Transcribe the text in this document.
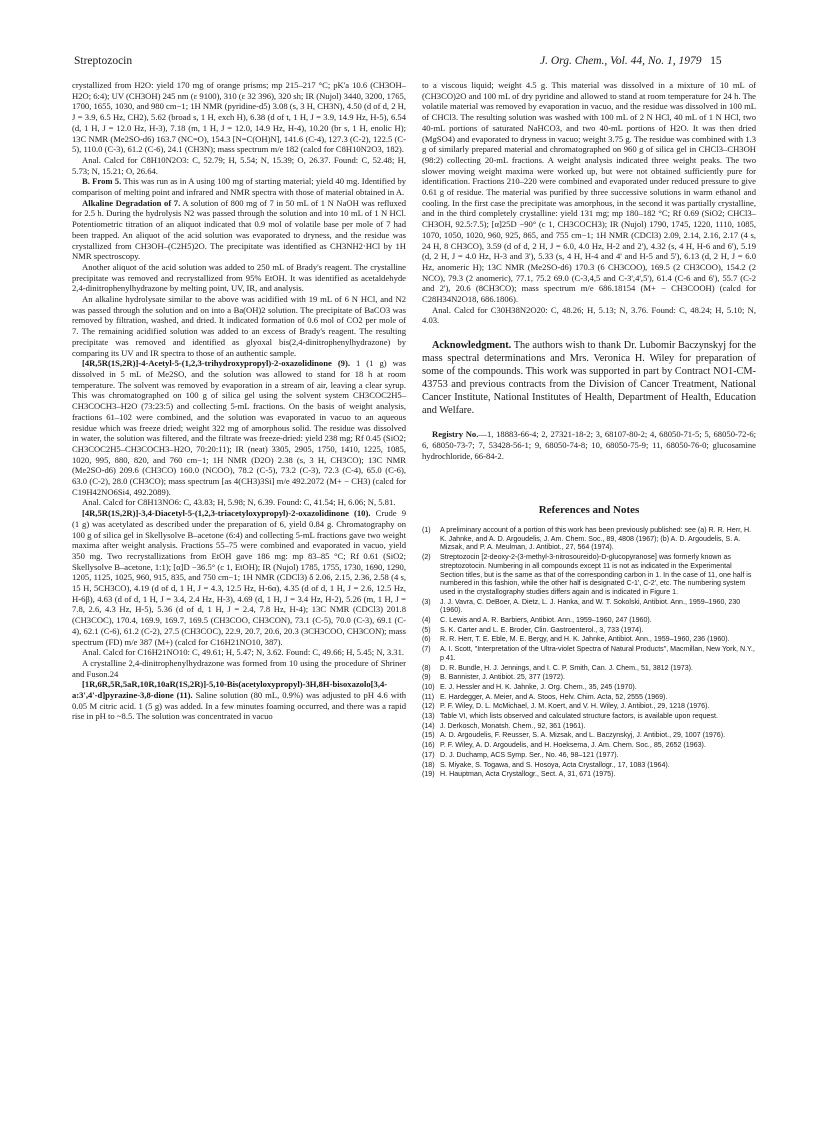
Streptozocin	J. Org. Chem., Vol. 44, No. 1, 1979 15

crystallized from H2O: yield 170 mg of orange prisms; mp 215–217 °C; pK'a 10.6 (CH3OH–H2O; 6:4); UV (CH3OH) 245 nm (ε 9100), 310 (ε 32 396), 320 sh; IR (Nujol) 3440, 3200, 1765, 1700, 1655, 1030, and 980 cm−1; 1H NMR (pyridine-d5) 3.08 (s, 3 H, CH3N), 4.50 (d of d, 2 H, J = 3.9, 6.5 Hz, CH2), 5.62 (broad s, 1 H, exch H), 6.38 (d of t, 1 H, J = 3.9, 14.9 Hz, H-5), 6.54 (d, 1 H, J = 12.0 Hz, H-3), 7.18 (m, 1 H, J = 12.0, 14.9 Hz, H-4), 10.20 (br s, 1 H, enolic H); 13C NMR (Me2SO-d6) 163.7 (NC=O), 154.3 [N=C(OH)N], 141.6 (C-4), 127.3 (C-2), 122.5 (C-5), 110.0 (C-3), 61.2 (C-6), 24.1 (CH3N); mass spectrum m/e 182 (calcd for C8H10N2O3, 182).

Anal. Calcd for C8H10N2O3: C, 52.79; H, 5.54; N, 15.39; O, 26.37. Found: C, 52.48; H, 5.73; N, 15.21; O, 26.64.

B. From 5. This was run as in A using 100 mg of starting material; yield 40 mg. Identified by comparison of melting point and infrared and NMR spectra with those of material obtained in A.

Alkaline Degradation of 7. A solution of 800 mg of 7 in 50 mL of 1 N NaOH was refluxed for 2.5 h. During the hydrolysis N2 was passed through the solution and into 10 mL of 1 N HCl. Potentiometric titration of an aliquot indicated that 0.9 mol of volatile base per mole of 7 had been trapped. An aliquot of the acid solution was evaporated to dryness, and the residue was crystallized from CH3OH–(C2H5)2O. The precipitate was identified as CH3NH2·HCl by 1H NMR spectroscopy.

Another aliquot of the acid solution was added to 250 mL of Brady's reagent. The crystalline precipitate was removed and recrystallized from 95% EtOH. It was identified as acetaldehyde 2,4-dinitrophenylhydrazone by melting point, UV, IR, and analysis.

An alkaline hydrolysate similar to the above was acidified with 19 mL of 6 N HCl, and N2 was passed through the solution and on into a Ba(OH)2 solution. The precipitate of BaCO3 was removed by filtration, washed, and dried. It indicated formation of 0.6 mol of CO2 per mole of 7. The remaining acidified solution was added to an excess of Brady's reagent. The resulting precipitate was removed and identified as glyoxal bis(2,4-dinitrophenylhydrazone) by comparing its UV and IR spectra to those of an authentic sample.

[4R,5R(1S,2R)]-4-Acetyl-5-(1,2,3-trihydroxypropyl)-2-oxazolidinone (9). 1 (1 g) was dissolved in 5 mL of Me2SO, and the solution was allowed to stand for 18 h at room temperature. The solvent was removed by evaporation in a stream of air, leaving a clear syrup. This was chromatographed on 100 g of silica gel using the solvent system CH3COC2H5–CH3COCH3–H2O (73:23:5) and collecting 5-mL fractions. On the basis of weight analysis, fractions 61–102 were combined, and the solution was evaporated in vacuo to an aqueous residue which was freeze dried; weight 322 mg of amorphous solid. The residue was dissolved in water, the solution was filtered, and the filtrate was freeze-dried: yield 238 mg; Rf 0.45 (SiO2; CH3COC2H5–CH3COCH3–H2O, 70:20:11); IR (neat) 3305, 2905, 1750, 1410, 1225, 1085, 1020, 995, 880, 820, and 760 cm−1; 1H NMR (D2O) 2.38 (s, 3 H, CH3CO); 13C NMR (Me2SO-d6) 209.6 (CH3CO) 160.0 (NCOO), 78.2 (C-5), 73.2 (C-3), 72.3 (C-4), 65.0 (C-6), 63.0 (C-2), 28.0 (CH3CO); mass spectrum [as 4(CH3)3Si] m/e 492.2072 (M+ − CH3) (calcd for C19H42NO6Si4, 492.2089).

Anal. Calcd for C8H13NO6: C, 43.83; H, 5.98; N, 6.39. Found: C, 41.54; H, 6.06; N, 5.81.

[4R,5R(1S,2R)]-3,4-Diacetyl-5-(1,2,3-triacetyloxypropyl)-2-oxazolidinone (10). Crude 9 (1 g) was acetylated as described under the preparation of 6, yield 0.84 g. Chromatography on 100 g of silica gel in Skellysolve B–acetone (6:4) and collecting 5-mL fractions gave two weight maxima after weight analysis. Fractions 55–75 were combined and evaporated in vacuo, yield 350 mg. Two recrystallizations from EtOH gave 186 mg: mp 83–85 °C; Rf 0.61 (SiO2; Skellysolve B–acetone, 1:1); [α]D −36.5° (c 1, EtOH); IR (Nujol) 1785, 1755, 1730, 1690, 1290, 1205, 1125, 1025, 960, 915, 835, and 750 cm−1; 1H NMR (CDCl3) δ 2.06, 2.15, 2.36, 2.58 (4 s, 15 H, 5CH3CO), 4.19 (d of d, 1 H, J = 4.3, 12.5 Hz, H-6α), 4.35 (d of d, 1 H, J = 2.6, 12.5 Hz, H-6β), 4.63 (d of d, 1 H, J = 3.4, 2.4 Hz, H-3), 4.69 (d, 1 H, J = 3.4 Hz, H-2), 5.26 (m, 1 H, J = 7.8, 2.6, 4.3 Hz, H-5), 5.36 (d of d, 1 H, J = 2.4, 7.8 Hz, H-4); 13C NMR (CDCl3) 201.8 (CH3COC), 170.4, 169.9, 169.7, 169.5 (CH3COO, CH3CON), 73.1 (C-5), 70.0 (C-3), 69.1 (C-4), 62.1 (C-6), 61.2 (C-2), 27.5 (CH3COC), 22.9, 20.7, 20.6, 20.3 (3CH3COO, CH3CON); mass spectrum (FD) m/e 387 (M+) (calcd for C16H21NO10, 387).

Anal. Calcd for C16H21NO10: C, 49.61; H, 5.47; N, 3.62. Found: C, 49.66; H, 5.45; N, 3.31.

A crystalline 2,4-dinitrophenylhydrazone was formed from 10 using the procedure of Shriner and Fuson.24

[1R,6R,5R,5aR,10R,10aR(1S,2R)]-5,10-Bis(acetyloxypropyl)-3H,8H-bisoxazolo[3,4-a:3',4'-d]pyrazine-3,8-dione (11). Saline solution (80 mL, 0.9%) was adjusted to pH 4.6 with 0.05 M citric acid. 1 (5 g) was added. In a few minutes foaming occurred, and there was a rapid rise in pH to ~8.5. The solution was concentrated in vacuo

to a viscous liquid; weight 4.5 g. This material was dissolved in a mixture of 10 mL of (CH3CO)2O and 100 mL of dry pyridine and allowed to stand at room temperature for 24 h. The volatile material was removed by evaporation in vacuo, and the residue was dissolved in 100 mL of CHCl3. The resulting solution was washed with 100 mL of 2 N HCl, 40 mL of 1 N HCl, two 40-mL portions of saturated NaHCO3, and two 40-mL portions of H2O. It was then dried (MgSO4) and evaporated to dryness in vacuo; weight 3.75 g. The residue was combined with 1.3 g of similarly prepared material and chromatographed on 960 g of silica gel in CHCl3–CH3OH (98:2) collecting 20-mL fractions. A weight analysis indicated three weight peaks. The two slower moving weight maxima were worked up, but were not obtained sufficiently pure for identification. Fractions 210–220 were combined and evaporated under reduced pressure to give 0.61 g of residue. The material was purified by three successive solutions in warm ethanol and cooling. In the first case the precipitate was amorphous, in the second it was partially crystalline, and in the third completely crystalline: yield 131 mg; mp 180–182 °C; Rf 0.69 (SiO2; CHCl3–CH3OH, 92.5:7.5); [α]25D −90° (c 1, CH3COCH3); IR (Nujol) 1790, 1745, 1220, 1110, 1085, 1070, 1050, 1020, 960, 925, 865, and 755 cm−1; 1H NMR (CDCl3) 2.09, 2.14, 2.16, 2.17 (4 s, 24 H, 8 CH3CO), 3.59 (d of d, 2 H, J = 6.0, 4.0 Hz, H-2 and 2'), 4.32 (s, 4 H, H-6 and 6'), 5.19 (d, 2 H, J = 4.0 Hz, H-3 and 3'), 5.33 (s, 4 H, H-4 and 4' and H-5 and 5'), 6.13 (d, 2 H, J = 6.0 Hz, anomeric H); 13C NMR (Me2SO-d6) 170.3 (6 CH3COO), 169.5 (2 CH3COO), 154.2 (2 NCO), 79.3 (2 anomeric), 77.1, 75.2 69.0 (C-3,4,5 and C-3',4',5'), 61.4 (C-6 and 6'), 55.7 (C-2 and 2'), 20.6 (8CH3CO); mass spectrum m/e 686.18154 (M+ − CH3COOH) (calcd for C28H34N2O18, 686.1806).

Anal. Calcd for C30H38N2O20: C, 48.26; H, 5.13; N, 3.76. Found: C, 48.24; H, 5.10; N, 4.03.

Acknowledgment. The authors wish to thank Dr. Lubomir Baczynskyj for the mass spectral determinations and Mrs. Veronica H. Wiley for preparation of some of the compounds. This work was supported in part by Contract NO1-CM-43753 and previous contracts from the Division of Cancer Treatment, National Cancer Institute, National Institutes of Health, Department of Health, Education and Welfare.

Registry No.—1, 18883-66-4; 2, 27321-18-2; 3, 68107-80-2; 4, 68050-71-5; 5, 68050-72-6; 6, 68050-73-7; 7, 53428-56-1; 9, 68050-74-8; 10, 68050-75-9; 11, 68050-76-0; glucosamine hydrochloride, 66-84-2.

References and Notes
(1)	A preliminary account of a portion of this work has been previously published: see (a) R. R. Herr, H. K. Jahnke, and A. D. Argoudelis, J. Am. Chem. Soc., 89, 4808 (1967); (b) A. D. Argoudelis, S. A. Mizsak, and P. A. Meulman, J. Antibiot., 27, 564 (1974).
(2)	Streptozocin [2-deoxy-2-(3-methyl-3-nitrosoureido)-D-glucopyranose] was formerly known as streptozotocin. Numbering in all compounds except 11 is not as indicated in the Experimental Section titles, but is the same as that of the corresponding carbon in 1. In the case of 11, one half is numbered in this fashion, while the other half is designated C-1', C-2', etc. The numbering system used in the crystallography studies differs again and is indicated in Figure 1.
(3)	J. J. Vavra, C. DeBoer, A. Dietz, L. J. Hanka, and W. T. Sokolski, Antibiot. Ann., 1959–1960, 230 (1960).
(4)	C. Lewis and A. R. Barbiers, Antibiot. Ann., 1959–1960, 247 (1960).
(5)	S. K. Carter and L. E. Broder, Clin. Gastroenterol., 3, 733 (1974).
(6)	R. R. Herr, T. E. Eble, M. E. Bergy, and H. K. Jahnke, Antibiot. Ann., 1959–1960, 236 (1960).
(7)	A. I. Scott, "Interpretation of the Ultra-violet Spectra of Natural Products", Macmillan, New York, N.Y., p 41.
(8)	D. R. Bundle, H. J. Jennings, and I. C. P. Smith, Can. J. Chem., 51, 3812 (1973).
(9)	B. Bannister, J. Antibiot. 25, 377 (1972).
(10) E. J. Hessler and H. K. Jahnke, J. Org. Chem., 35, 245 (1970).
(11) E. Hardegger, A. Meier, and A. Stoos, Helv. Chim. Acta, 52, 2555 (1969).
(12) P. F. Wiley, D. L. McMichael, J. M. Koert, and V. H. Wiley, J. Antibiot., 29, 1218 (1976).
(13) Table VI, which lists observed and calculated structure factors, is available upon request.
(14) J. Derkosch, Monatsh. Chem., 92, 361 (1961).
(15) A. D. Argoudelis, F. Reusser, S. A. Mizsak, and L. Baczynskyj, J. Antibiot., 29, 1007 (1976).
(16) P. F. Wiley, A. D. Argoudelis, and H. Hoeksema, J. Am. Chem. Soc., 85, 2652 (1963).
(17) D. J. Duchamp, ACS Symp. Ser., No. 46, 98–121 (1977).
(18) S. Miyake, S. Togawa, and S. Hosoya, Acta Crystallogr., 17, 1083 (1964).
(19) H. Hauptman, Acta Crystallogr., Sect. A, 31, 671 (1975).
